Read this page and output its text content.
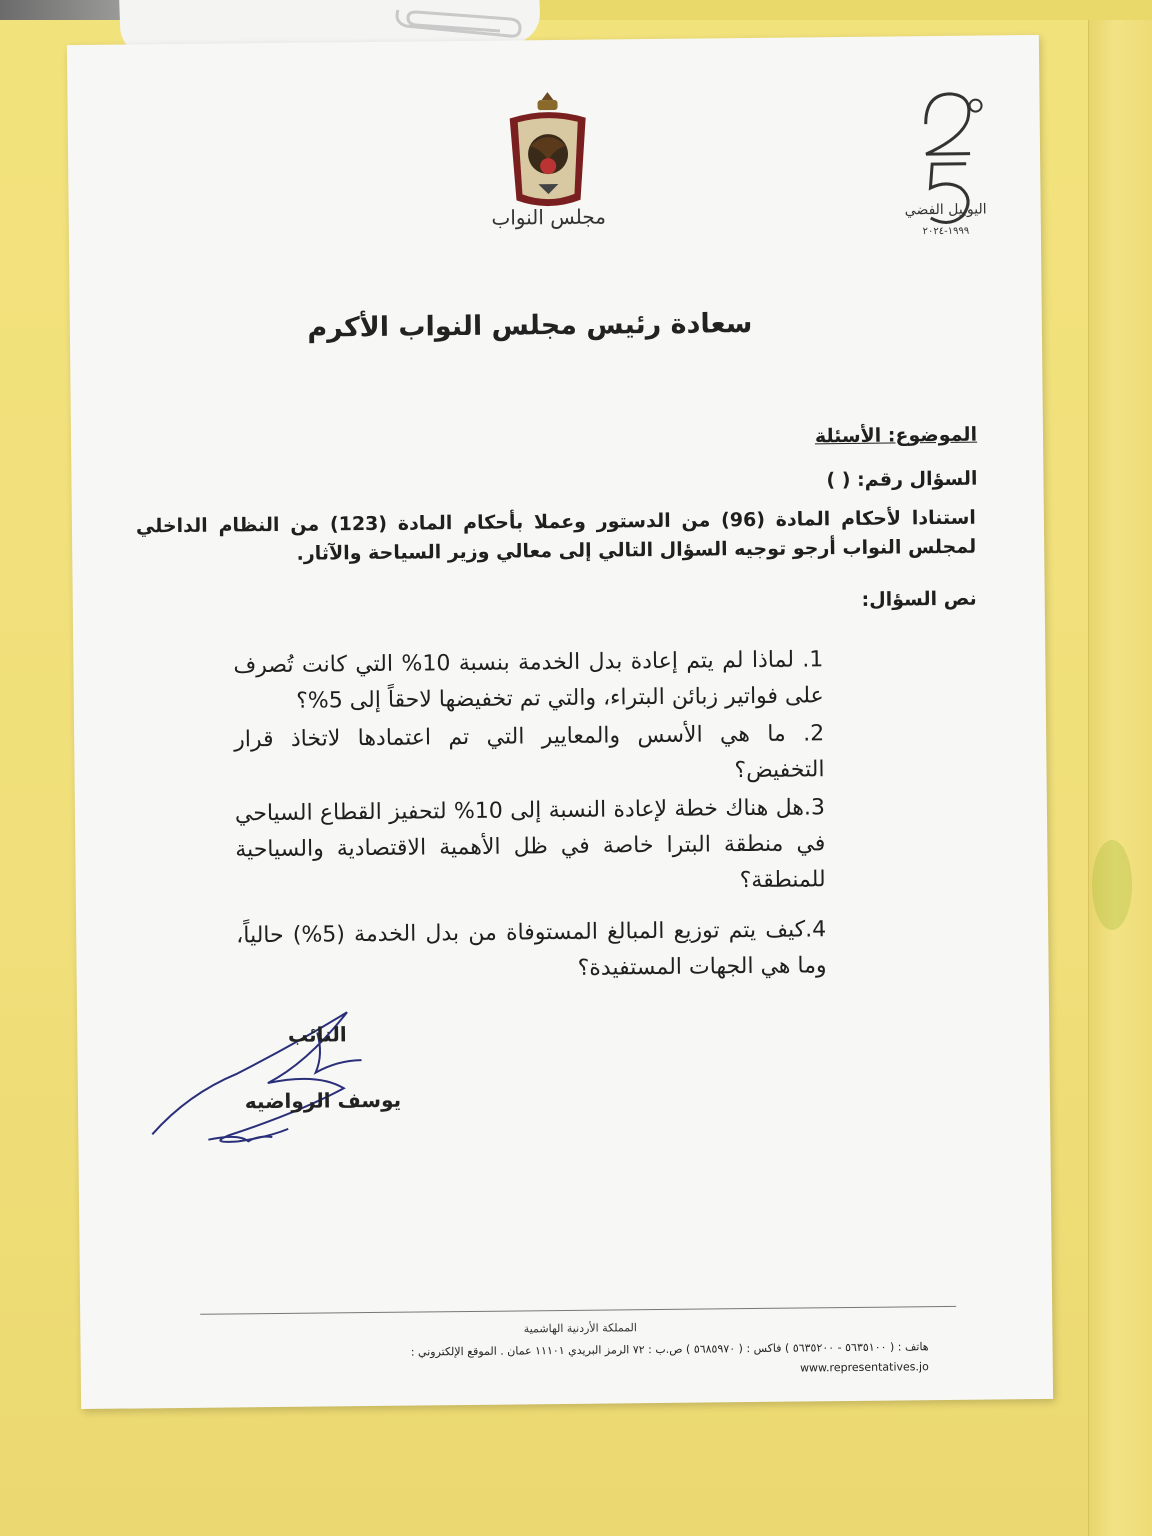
مجلس النواب	اليوبيل الفضي
١٩٩٩-٢٠٢٤
سعادة رئيس مجلس النواب الأكرم
الموضوع: الأسئلة
السؤال رقم: ( )
استنادا لأحكام المادة (96) من الدستور وعملا بأحكام المادة (123) من النظام الداخلي لمجلس النواب أرجو توجيه السؤال التالي إلى معالي وزير السياحة والآثار.
نص السؤال:
1. لماذا لم يتم إعادة بدل الخدمة بنسبة 10% التي كانت تُصرف على فواتير زبائن البتراء، والتي تم تخفيضها لاحقاً إلى 5%؟
2. ما هي الأسس والمعايير التي تم اعتمادها لاتخاذ قرار التخفيض؟
3.هل هناك خطة لإعادة النسبة إلى 10% لتحفيز القطاع السياحي في منطقة البترا خاصة في ظل الأهمية الاقتصادية والسياحية للمنطقة؟
4.كيف يتم توزيع المبالغ المستوفاة من بدل الخدمة (5%) حالياً، وما هي الجهات المستفيدة؟
النائب
يوسف الرواضيه
المملكة الأردنية الهاشمية
هاتف : ( ٥٦٣٥١٠٠ - ٥٦٣٥٢٠٠ ) فاكس : ( ٥٦٨٥٩٧٠ ) ص.ب : ٧٢ الرمز البريدي ١١١٠١ عمان . الموقع الإلكتروني :
www.representatives.jo
